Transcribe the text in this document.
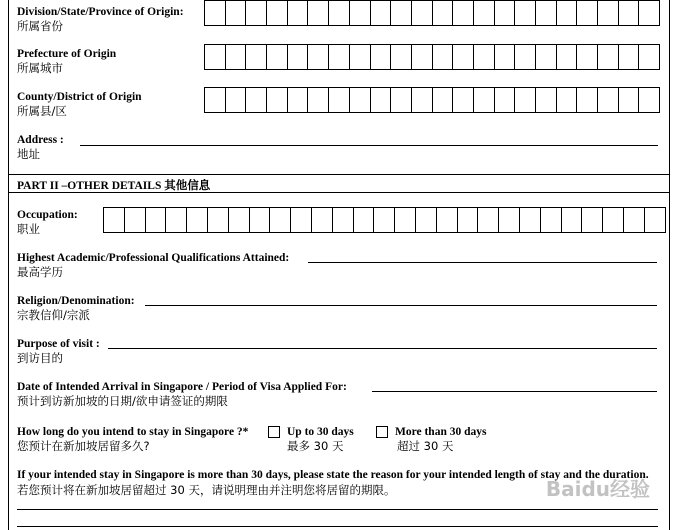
Division/State/Province of Origin:
所属省份
Prefecture of Origin
所属城市
County/District of Origin
所属县/区
Address :
地址
PART II –OTHER DETAILS 其他信息
Occupation:
职业
Highest Academic/Professional Qualifications Attained:
最高学历
Religion/Denomination:
宗教信仰/宗派
Purpose of visit :
到访目的
Date of Intended Arrival in Singapore / Period of Visa Applied For:
预计到访新加坡的日期/欲申请签证的期限
How long do you intend to stay in Singapore ?*
您预计在新加坡居留多久?
Up to 30 days
最多 30 天
More than 30 days
超过 30 天
If your intended stay in Singapore is more than 30 days, please state the reason for your intended length of stay and the duration. 若您预计将在新加坡居留超过 30 天，请说明理由并注明您将居留的期限。	Baidu经验
